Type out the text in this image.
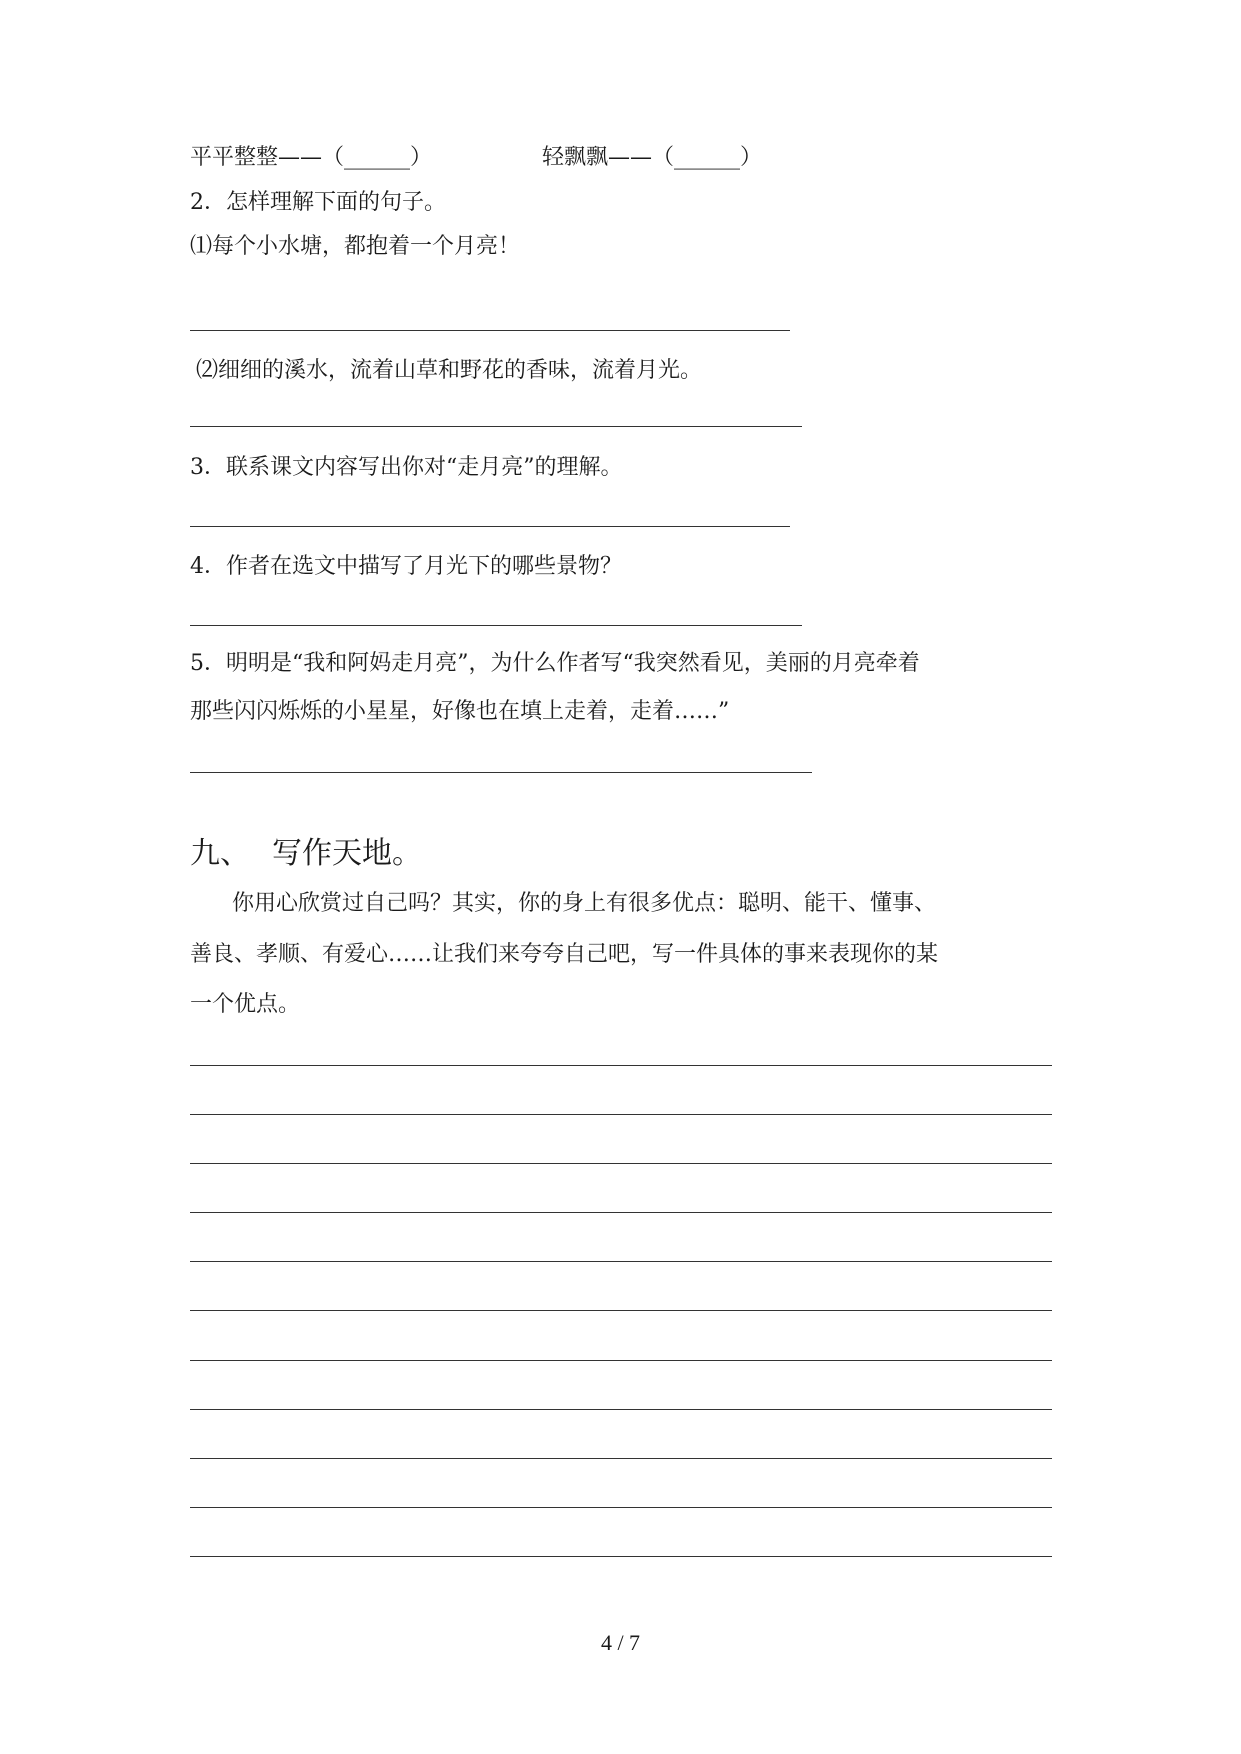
平平整整——（______）	轻飘飘——（______）
2．怎样理解下面的句子。
⑴每个小水塘，都抱着一个月亮！
⑵细细的溪水，流着山草和野花的香味，流着月光。
3．联系课文内容写出你对“走月亮”的理解。
4．作者在选文中描写了月光下的哪些景物？
5．明明是“我和阿妈走月亮”，为什么作者写“我突然看见，美丽的月亮牵着
那些闪闪烁烁的小星星，好像也在填上走着，走着……”
九、 写作天地。
你用心欣赏过自己吗？其实，你的身上有很多优点：聪明、能干、懂事、
善良、孝顺、有爱心……让我们来夸夸自己吧，写一件具体的事来表现你的某
一个优点。
4 / 7
